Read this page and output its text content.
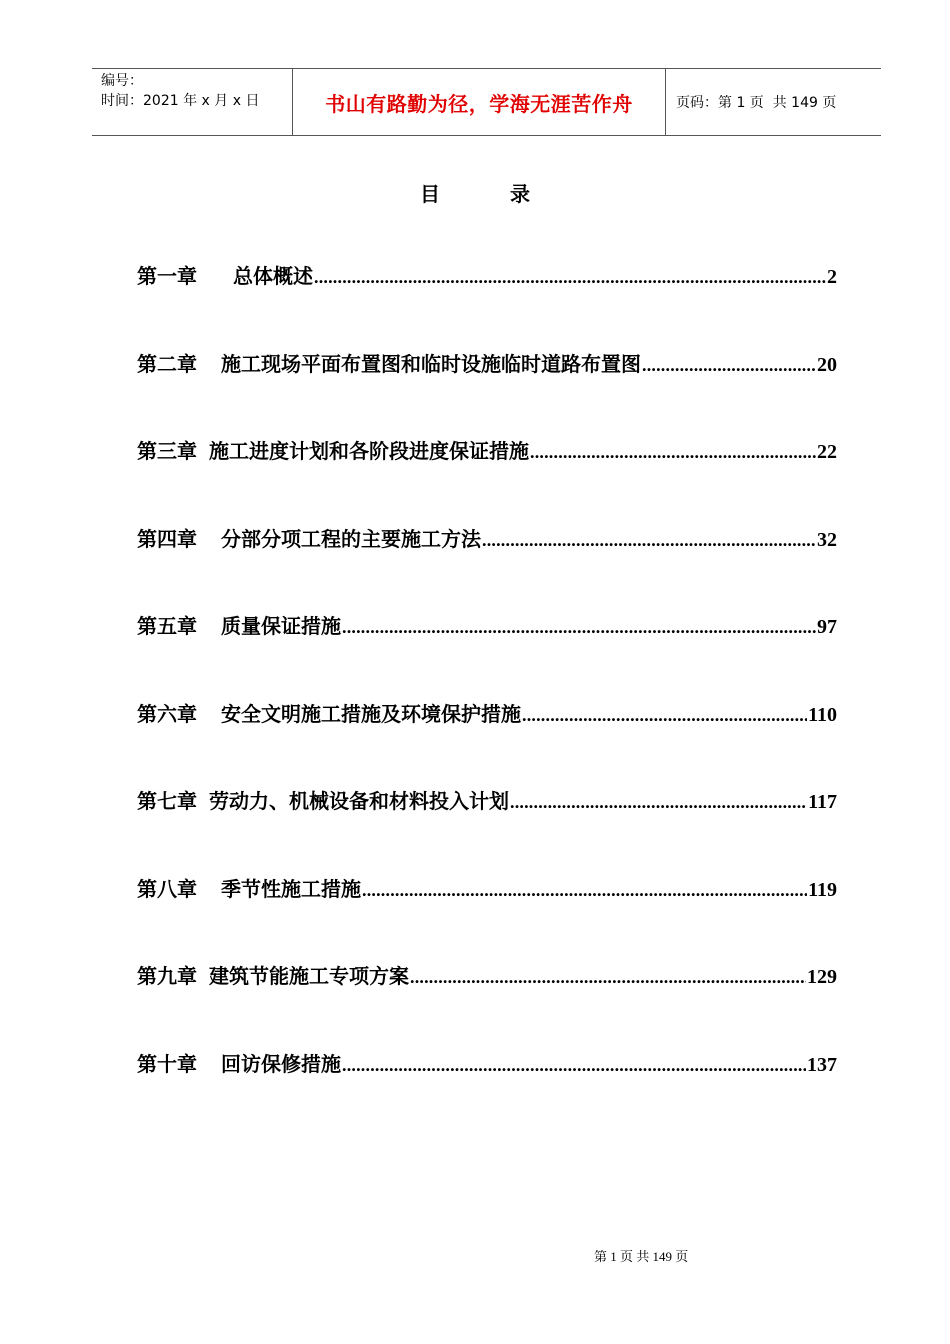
编号：
时间：2021 年 x 月 x 日	书山有路勤为径，学海无涯苦作舟	页码：第 1 页  共 149 页
目录
第一章 总体概述 .....	2
第二章 施工现场平面布置图和临时设施临时道路布置图 .....	20
第三章 施工进度计划和各阶段进度保证措施 .....	22
第四章 分部分项工程的主要施工方法 .....	32
第五章 质量保证措施 .....	97
第六章 安全文明施工措施及环境保护措施 .....	110
第七章 劳动力、机械设备和材料投入计划 .....	117
第八章 季节性施工措施 .....	119
第九章 建筑节能施工专项方案 .....	129
第十章 回访保修措施 .....	137
第 1 页 共 149 页
